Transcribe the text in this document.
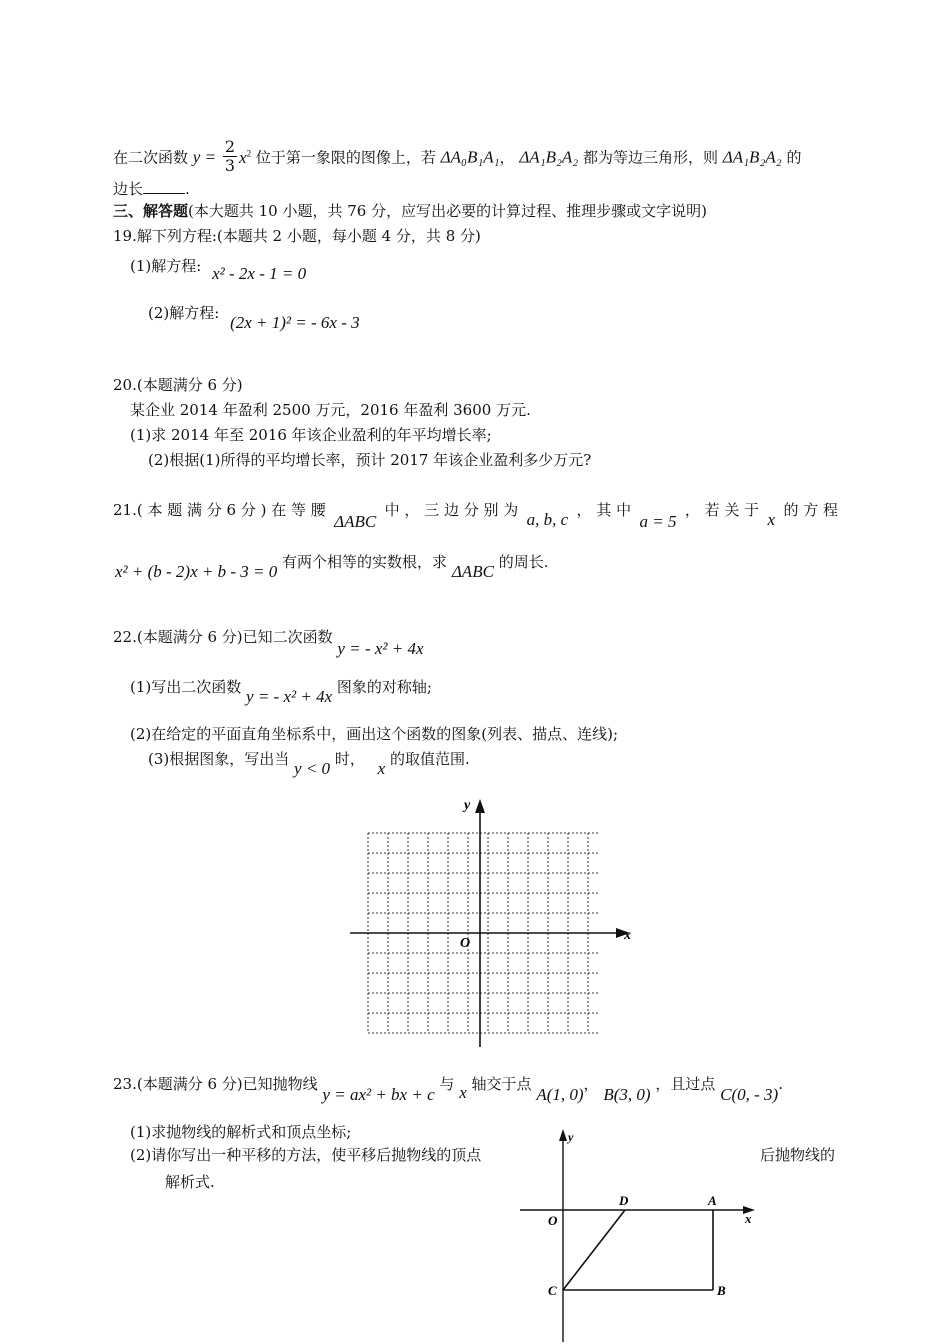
在二次函数 $y = \frac{2}{3} x^2$ 位于第一象限的图像上，若 ΔA₀B₁A₁， ΔA₁B₂A₂ 都为等边三角形，则 ΔA₁B₂A₂ 的
边长	.
三、解答题(本大题共 10 小题，共 76 分，应写出必要的计算过程、推理步骤或文字说明)
19.解下列方程:(本题共 2 小题，每小题 4 分，共 8 分)
(1)解方程: x² - 2x - 1 = 0
(2)解方程: (2x + 1)² = - 6x - 3
20.(本题满分 6 分)
某企业 2014 年盈利 2500 万元，2016 年盈利 3600 万元.
(1)求 2014 年至 2016 年该企业盈利的年平均增长率;
(2)根据(1)所得的平均增长率，预计 2017 年该企业盈利多少万元?
21.( 本 题 满 分 6 分 ) 在 等 腰
ΔABC
中 ， 三 边 分 别 为 a, b, c ， 其 中
a = 5
， 若 关 于 x 的 方 程
x² + (b - 2)x + b - 3 = 0 有两个相等的实数根，求 ΔABC 的周长.
22.(本题满分 6 分)已知二次函数 y = - x² + 4x
(1)写出二次函数 y = - x² + 4x 图象的对称轴;
(2)在给定的平面直角坐标系中，画出这个函数的图象(列表、描点、连线);
(3)根据图象，写出当 y < 0 时， x 的取值范围.
y
x
O
23.(本题满分 6 分)已知抛物线 y = ax² + bx + c 与 x 轴交于点 A(1, 0)， B(3, 0) ，且过点 C(0, - 3).
(1)求抛物线的解析式和顶点坐标;
(2)请你写出一种平移的方法，使平移后抛物线的顶点	后抛物线的
解析式.
y
x
O
D	A
C	B
